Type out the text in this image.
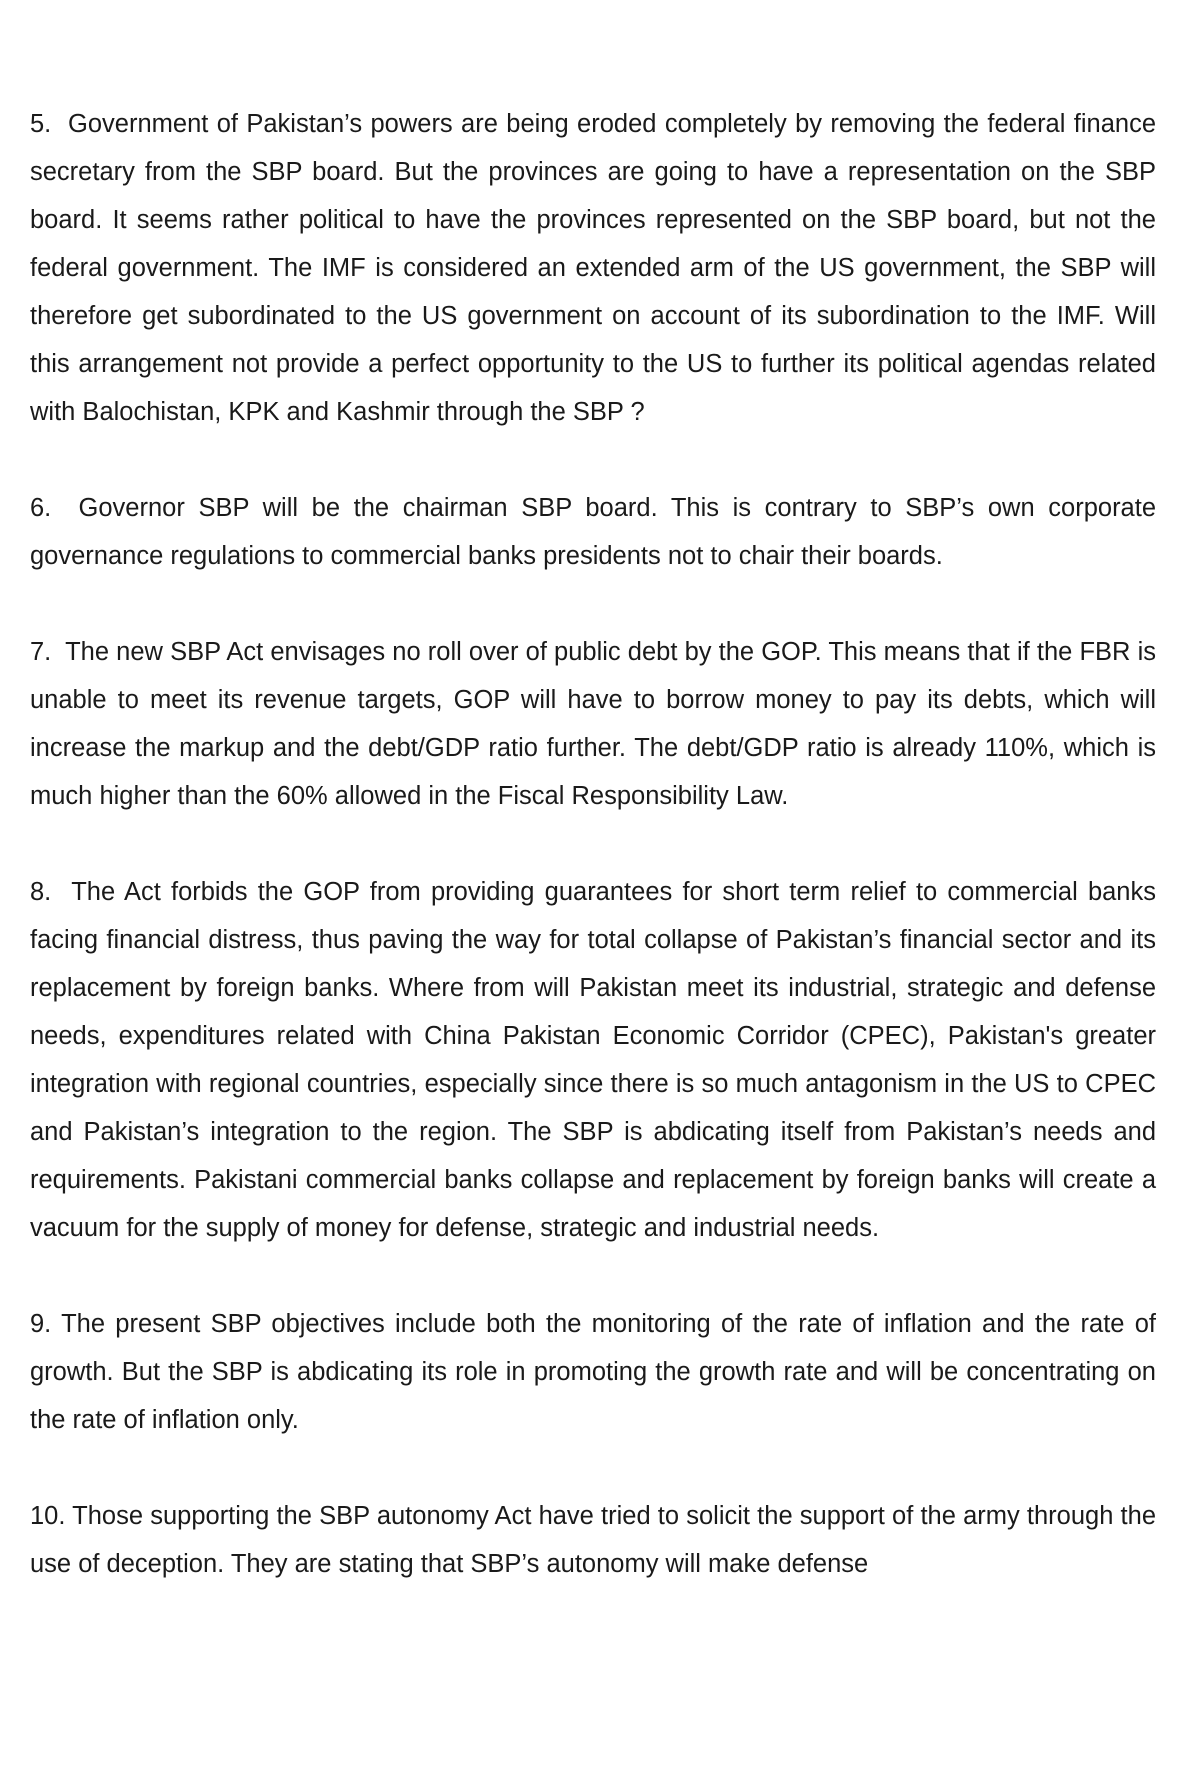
5. Government of Pakistan’s powers are being eroded completely by removing the federal finance secretary from the SBP board. But the provinces are going to have a representation on the SBP board. It seems rather political to have the provinces represented on the SBP board, but not the federal government. The IMF is considered an extended arm of the US government, the SBP will therefore get subordinated to the US government on account of its subordination to the IMF. Will this arrangement not provide a perfect opportunity to the US to further its political agendas related with Balochistan, KPK and Kashmir through the SBP ?

6. Governor SBP will be the chairman SBP board. This is contrary to SBP’s own corporate governance regulations to commercial banks presidents not to chair their boards.

7. The new SBP Act envisages no roll over of public debt by the GOP. This means that if the FBR is unable to meet its revenue targets, GOP will have to borrow money to pay its debts, which will increase the markup and the debt/GDP ratio further. The debt/GDP ratio is already 110%, which is much higher than the 60% allowed in the Fiscal Responsibility Law.

8. The Act forbids the GOP from providing guarantees for short term relief to commercial banks facing financial distress, thus paving the way for total collapse of Pakistan’s financial sector and its replacement by foreign banks. Where from will Pakistan meet its industrial, strategic and defense needs, expenditures related with China Pakistan Economic Corridor (CPEC), Pakistan's greater integration with regional countries, especially since there is so much antagonism in the US to CPEC and Pakistan’s integration to the region. The SBP is abdicating itself from Pakistan’s needs and requirements. Pakistani commercial banks collapse and replacement by foreign banks will create a vacuum for the supply of money for defense, strategic and industrial needs.

9. The present SBP objectives include both the monitoring of the rate of inflation and the rate of growth. But the SBP is abdicating its role in promoting the growth rate and will be concentrating on the rate of inflation only.

10. Those supporting the SBP autonomy Act have tried to solicit the support of the army through the use of deception. They are stating that SBP’s autonomy will make defense
